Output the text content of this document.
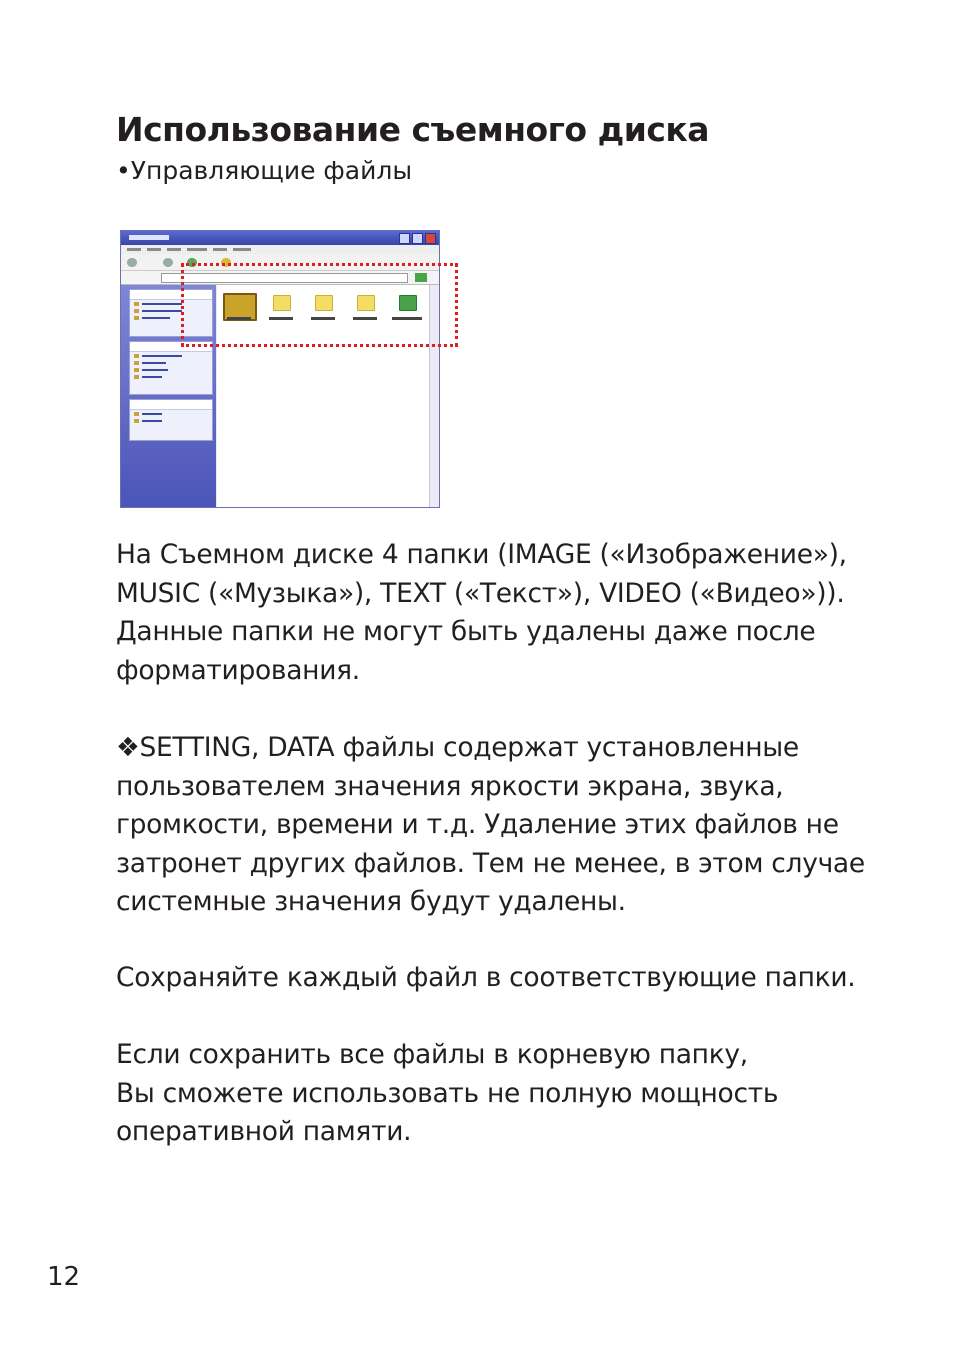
Использование съемного диска

•Управляющие файлы

На Съемном диске 4 папки (IMAGE («Изображение»),
MUSIC («Музыка»), TEXT («Текст»), VIDEO («Видео»)).
Данные папки не могут быть удалены даже после
форматирования.

❖SETTING, DATA файлы содержат установленные
пользователем значения яркости экрана, звука,
громкости, времени и т.д. Удаление этих файлов не
затронет других файлов. Тем не менее, в этом случае
системные значения будут удалены.

Сохраняйте каждый файл в соответствующие папки.

Если сохранить все файлы в корневую папку,
Вы сможете использовать не полную мощность
оперативной памяти.

12
